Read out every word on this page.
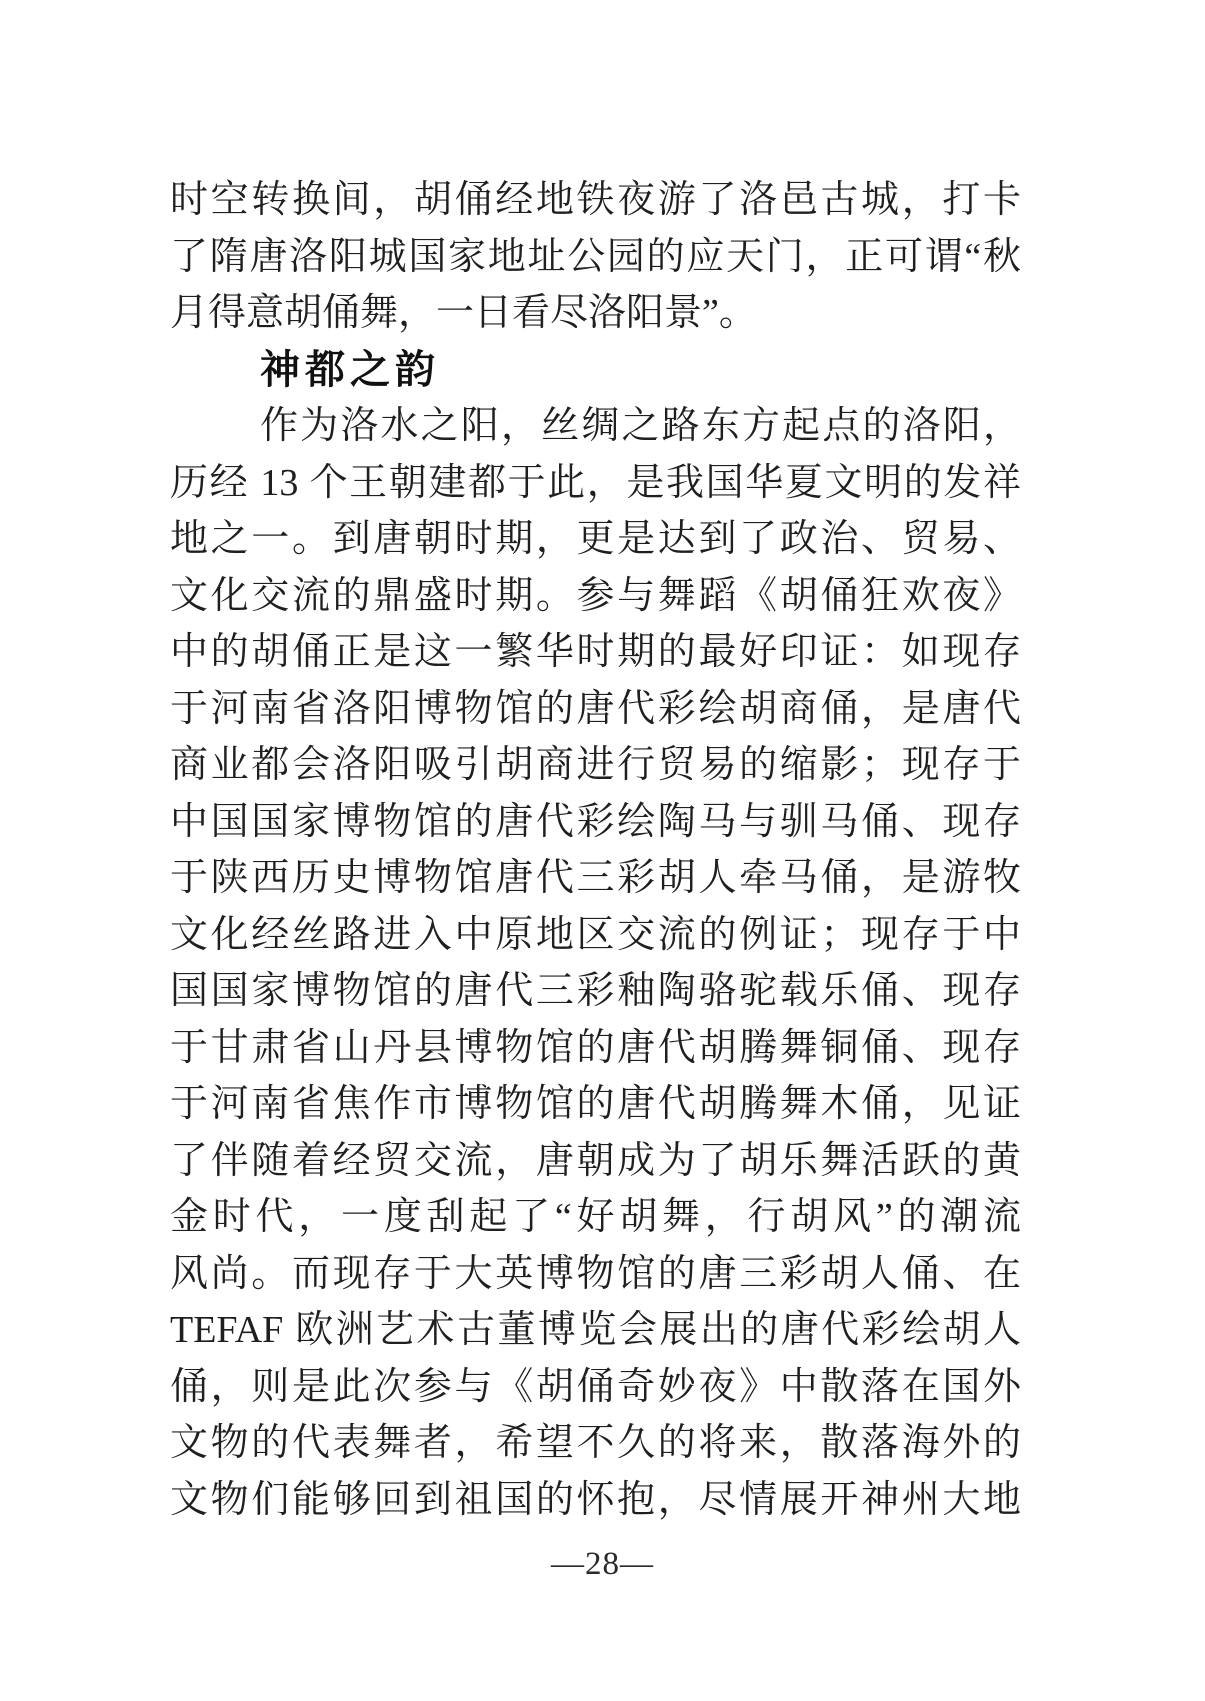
时空转换间，胡俑经地铁夜游了洛邑古城，打卡
了隋唐洛阳城国家地址公园的应天门，正可谓“秋
月得意胡俑舞，一日看尽洛阳景”。
神都之韵
作为洛水之阳，丝绸之路东方起点的洛阳，
历经 13 个王朝建都于此，是我国华夏文明的发祥
地之一。到唐朝时期，更是达到了政治、贸易、
文化交流的鼎盛时期。参与舞蹈《胡俑狂欢夜》
中的胡俑正是这一繁华时期的最好印证：如现存
于河南省洛阳博物馆的唐代彩绘胡商俑，是唐代
商业都会洛阳吸引胡商进行贸易的缩影；现存于
中国国家博物馆的唐代彩绘陶马与驯马俑、现存
于陕西历史博物馆唐代三彩胡人牵马俑，是游牧
文化经丝路进入中原地区交流的例证；现存于中
国国家博物馆的唐代三彩釉陶骆驼载乐俑、现存
于甘肃省山丹县博物馆的唐代胡腾舞铜俑、现存
于河南省焦作市博物馆的唐代胡腾舞木俑，见证
了伴随着经贸交流，唐朝成为了胡乐舞活跃的黄
金时代，一度刮起了“好胡舞，行胡风”的潮流
风尚。而现存于大英博物馆的唐三彩胡人俑、在
TEFAF 欧洲艺术古董博览会展出的唐代彩绘胡人
俑，则是此次参与《胡俑奇妙夜》中散落在国外
文物的代表舞者，希望不久的将来，散落海外的
文物们能够回到祖国的怀抱，尽情展开神州大地
—28—
